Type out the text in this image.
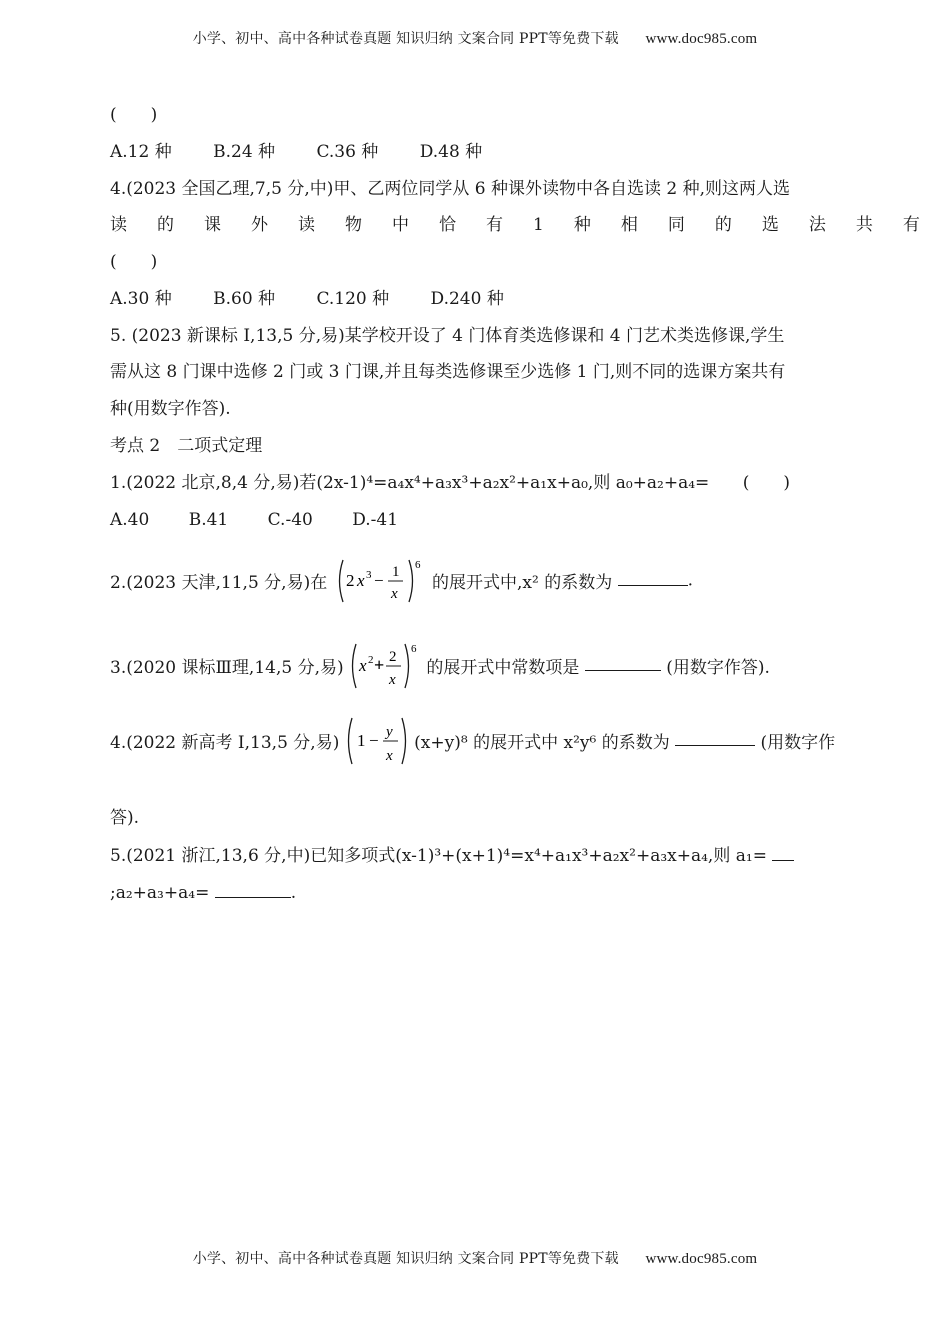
小学、初中、高中各种试卷真题 知识归纳 文案合同 PPT等免费下载 www.doc985.com
(　　)
A.12 种 B.24 种 C.36 种 D.48 种
4.(2023 全国乙理,7,5 分,中)甲、乙两位同学从 6 种课外读物中各自选读 2 种,则这两人选
读的课外读物中恰有1种相同的选法共有
(　　)
A.30 种 B.60 种 C.120 种 D.240 种
5. (2023 新课标 Ⅰ,13,5 分,易)某学校开设了 4 门体育类选修课和 4 门艺术类选修课,学生
需从这 8 门课中选修 2 门或 3 门课,并且每类选修课至少选修 1 门,则不同的选课方案共有
种(用数字作答).
考点 2　二项式定理
1.(2022 北京,8,4 分,易)若(2x-1)⁴=a₄x⁴+a₃x³+a₂x²+a₁x+a₀,则 a₀+a₂+a₄= (　　)
A.40 B.41 C.-40 D.-41
2.(2023 天津,11,5 分,易)在 2 x 3 − 1
x
6
的展开式中,x² 的系数为	.
3.(2020 课标Ⅲ理,14,5 分,易) x 2 + 2
x
6
的展开式中常数项是	(用数字作答).
4.(2022 新高考 Ⅰ,13,5 分,易) 1 − y
x
(x+y)⁸ 的展开式中 x²y⁶ 的系数为	(用数字作
答).
5.(2021 浙江,13,6 分,中)已知多项式(x-1)³+(x+1)⁴=x⁴+a₁x³+a₂x²+a₃x+a₄,则 a₁=
;a₂+a₃+a₄=	.
小学、初中、高中各种试卷真题 知识归纳 文案合同 PPT等免费下载 www.doc985.com
